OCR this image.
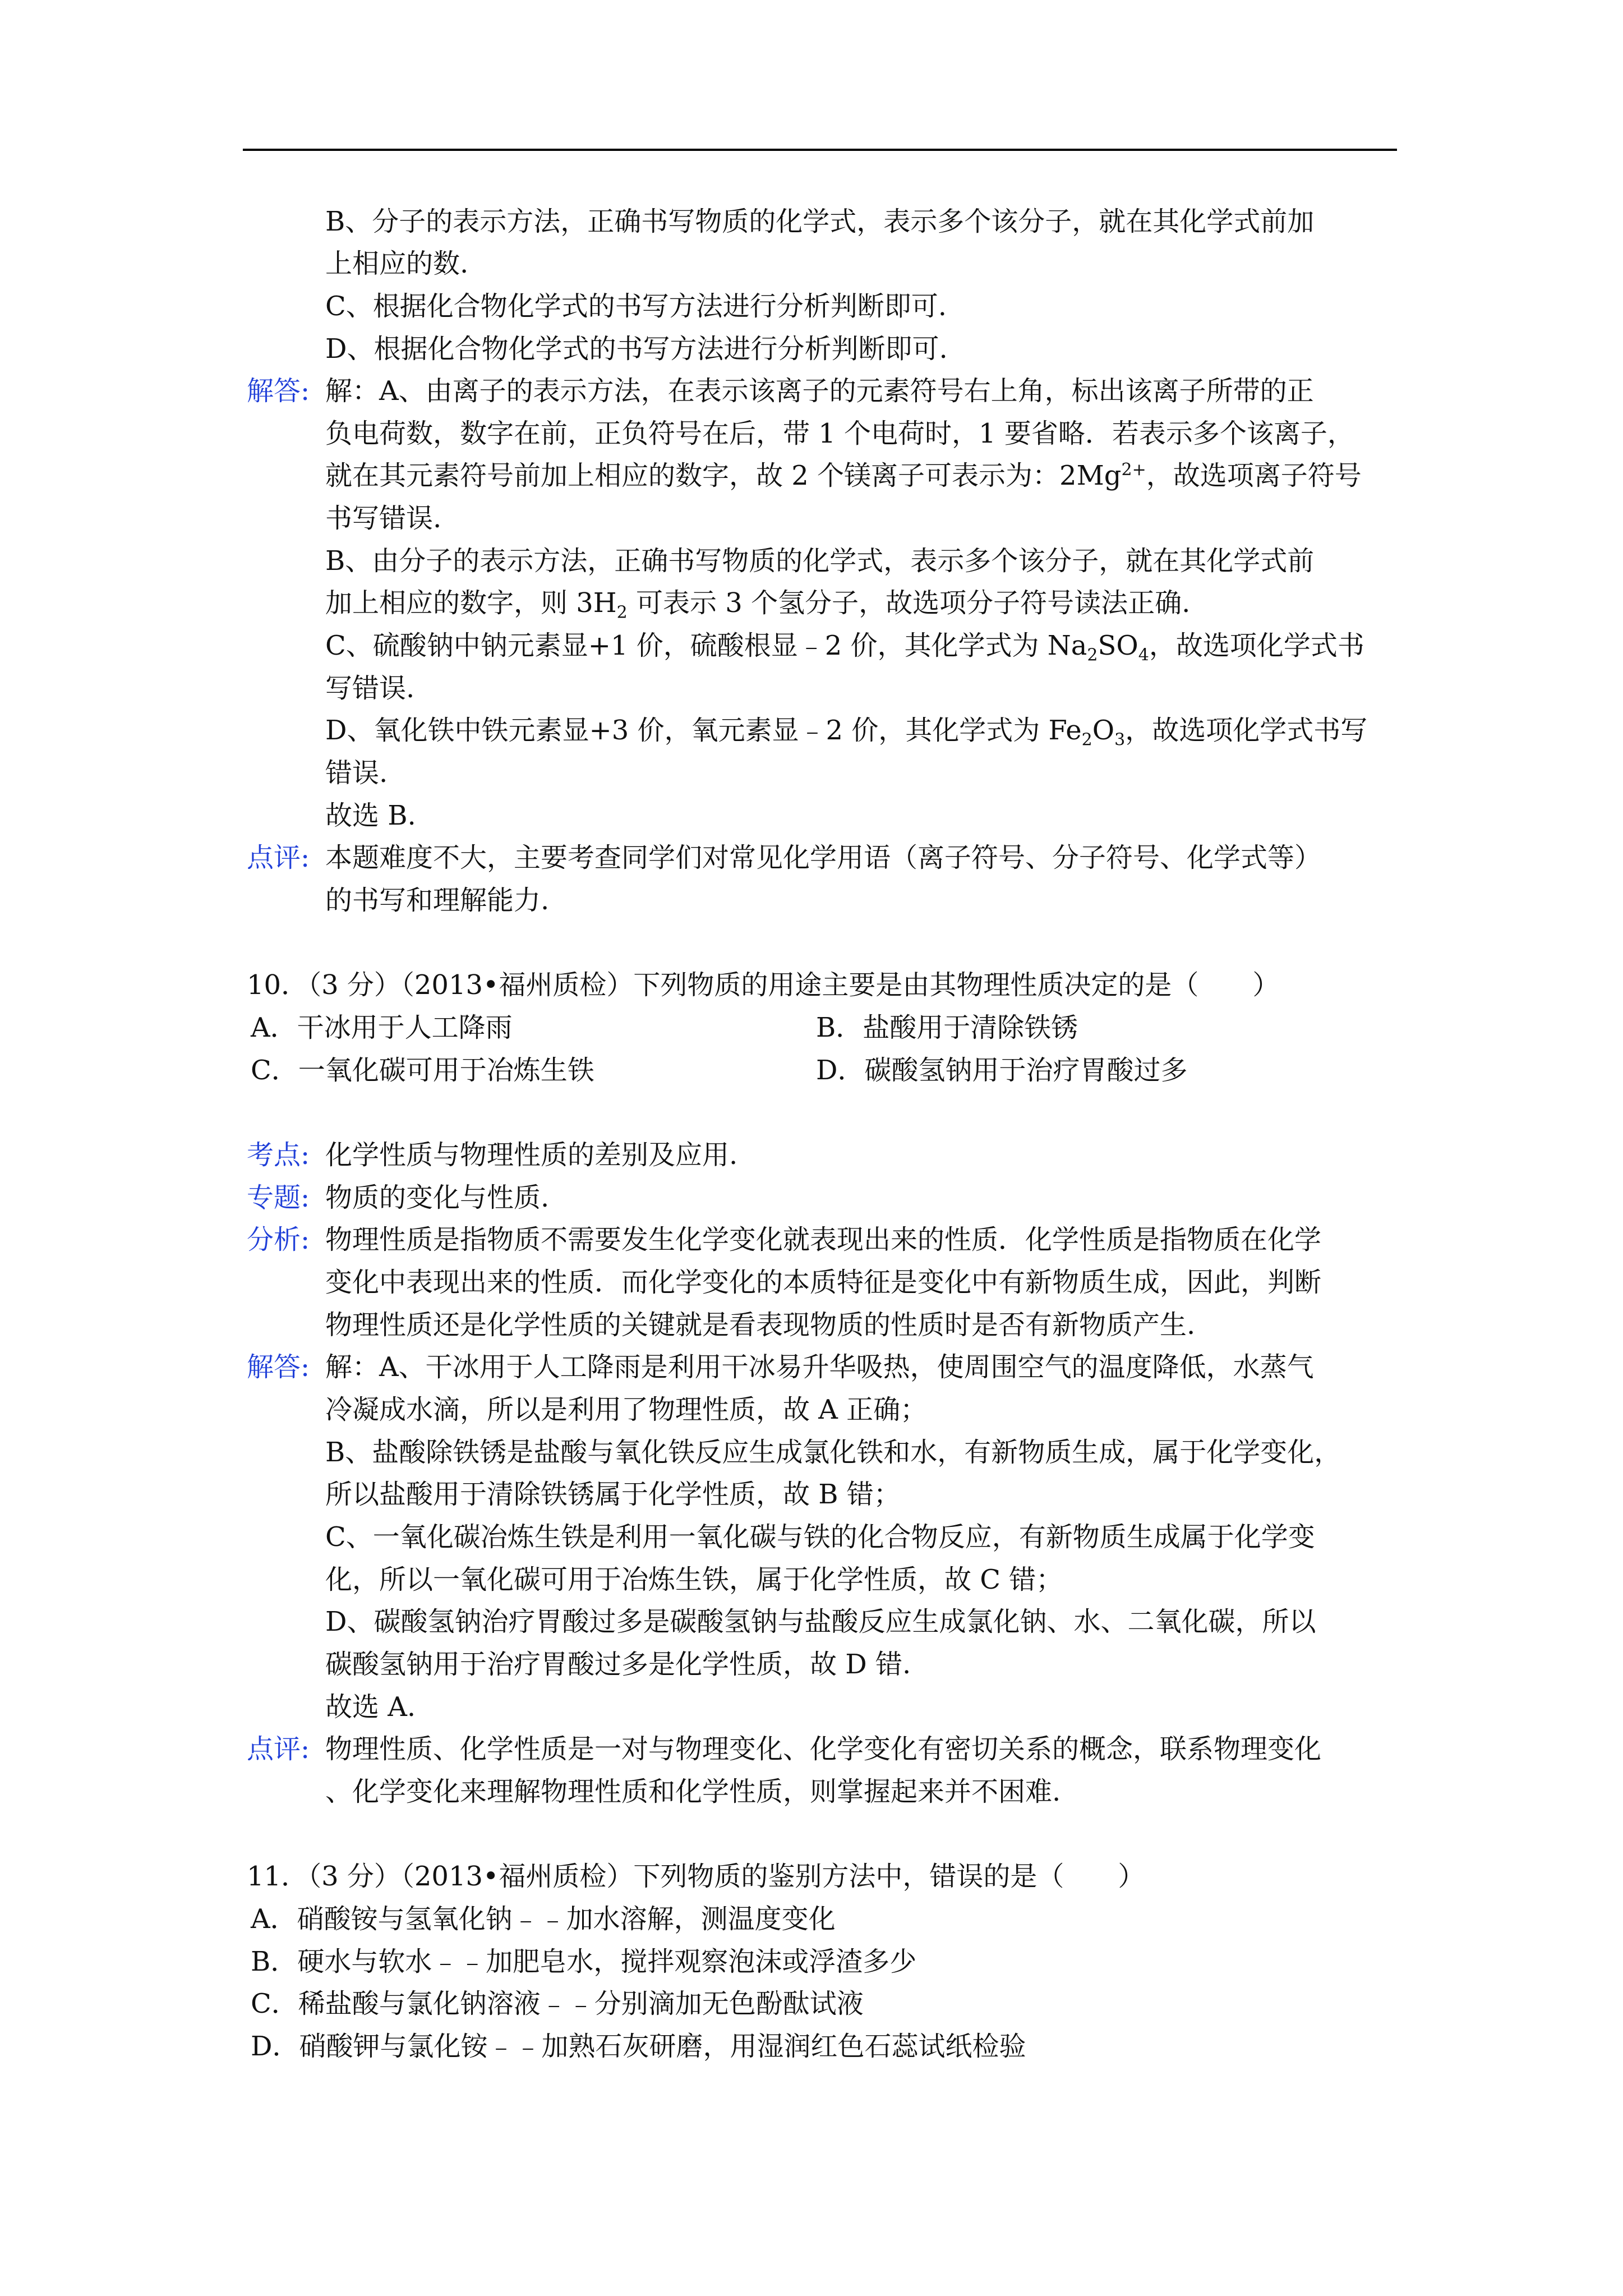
B、分子的表示方法，正确书写物质的化学式，表示多个该分子，就在其化学式前加

上相应的数.

C、根据化合物化学式的书写方法进行分析判断即可.

D、根据化合物化学式的书写方法进行分析判断即可.

解答: 解：A、由离子的表示方法，在表示该离子的元素符号右上角，标出该离子所带的正

负电荷数，数字在前，正负符号在后，带 1 个电荷时，1 要省略．若表示多个该离子，

就在其元素符号前加上相应的数字，故 2 个镁离子可表示为：$2Mg^{2+}$，故选项离子符号

书写错误.

B、由分子的表示方法，正确书写物质的化学式，表示多个该分子，就在其化学式前

加上相应的数字，则 $3H_2$ 可表示 3 个氢分子，故选项分子符号读法正确.

C、硫酸钠中钠元素显+1 价，硫酸根显﹣2 价，其化学式为 $Na_2SO_4$，故选项化学式书

写错误.

D、氧化铁中铁元素显+3 价，氧元素显﹣2 价，其化学式为 $Fe_2O_3$，故选项化学式书写

错误.

故选 B.

点评: 本题难度不大，主要考查同学们对常见化学用语（离子符号、分子符号、化学式等）

的书写和理解能力.

10．（3 分）（2013•福州质检）下列物质的用途主要是由其物理性质决定的是（　　）

A．干冰用于人工降雨	B．盐酸用于清除铁锈

C．一氧化碳可用于冶炼生铁	D．碳酸氢钠用于治疗胃酸过多

考点: 化学性质与物理性质的差别及应用.

专题: 物质的变化与性质.

分析: 物理性质是指物质不需要发生化学变化就表现出来的性质．化学性质是指物质在化学

变化中表现出来的性质．而化学变化的本质特征是变化中有新物质生成，因此，判断

物理性质还是化学性质的关键就是看表现物质的性质时是否有新物质产生.

解答: 解：A、干冰用于人工降雨是利用干冰易升华吸热，使周围空气的温度降低，水蒸气

冷凝成水滴，所以是利用了物理性质，故 A 正确；

B、盐酸除铁锈是盐酸与氧化铁反应生成氯化铁和水，有新物质生成，属于化学变化，

所以盐酸用于清除铁锈属于化学性质，故 B 错；

C、一氧化碳冶炼生铁是利用一氧化碳与铁的化合物反应，有新物质生成属于化学变

化，所以一氧化碳可用于冶炼生铁，属于化学性质，故 C 错；

D、碳酸氢钠治疗胃酸过多是碳酸氢钠与盐酸反应生成氯化钠、水、二氧化碳，所以

碳酸氢钠用于治疗胃酸过多是化学性质，故 D 错.

故选 A.

点评: 物理性质、化学性质是一对与物理变化、化学变化有密切关系的概念，联系物理变化

、化学变化来理解物理性质和化学性质，则掌握起来并不困难.

11．（3 分）（2013•福州质检）下列物质的鉴别方法中，错误的是（　　）

A．硝酸铵与氢氧化钠﹣﹣加水溶解，测温度变化

B．硬水与软水﹣﹣加肥皂水，搅拌观察泡沫或浮渣多少

C．稀盐酸与氯化钠溶液﹣﹣分别滴加无色酚酞试液

D．硝酸钾与氯化铵﹣﹣加熟石灰研磨，用湿润红色石蕊试纸检验
